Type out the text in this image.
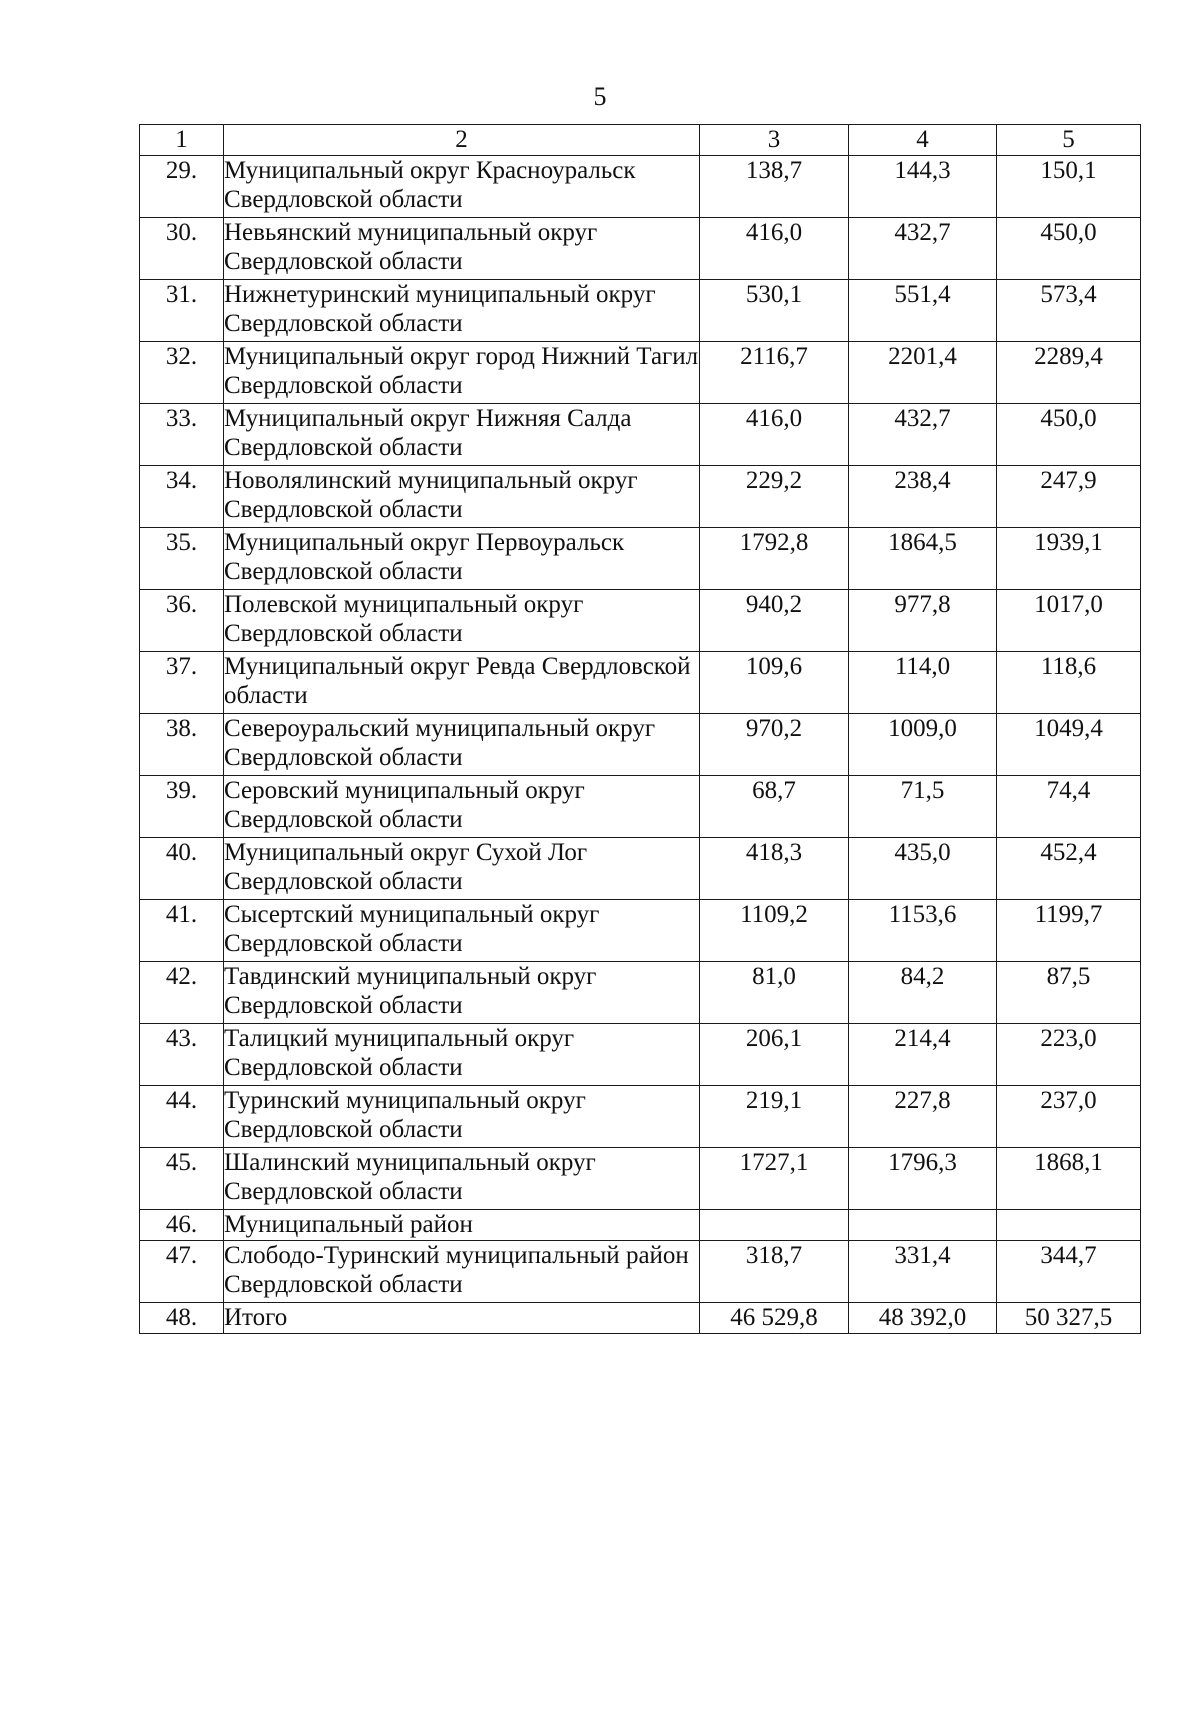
5
1	2	3	4	5
29.	Муниципальный округ Красноуральск Свердловской области	138,7	144,3	150,1
30.	Невьянский муниципальный округ Свердловской области	416,0	432,7	450,0
31.	Нижнетуринский муниципальный округ Свердловской области	530,1	551,4	573,4
32.	Муниципальный округ город Нижний Тагил Свердловской области	2116,7	2201,4	2289,4
33.	Муниципальный округ Нижняя Салда Свердловской области	416,0	432,7	450,0
34.	Новолялинский муниципальный округ Свердловской области	229,2	238,4	247,9
35.	Муниципальный округ Первоуральск Свердловской области	1792,8	1864,5	1939,1
36.	Полевской муниципальный округ Свердловской области	940,2	977,8	1017,0
37.	Муниципальный округ Ревда Свердловской области	109,6	114,0	118,6
38.	Североуральский муниципальный округ Свердловской области	970,2	1009,0	1049,4
39.	Серовский муниципальный округ Свердловской области	68,7	71,5	74,4
40.	Муниципальный округ Сухой Лог Свердловской области	418,3	435,0	452,4
41.	Сысертский муниципальный округ Свердловской области	1109,2	1153,6	1199,7
42.	Тавдинский муниципальный округ Свердловской области	81,0	84,2	87,5
43.	Талицкий муниципальный округ Свердловской области	206,1	214,4	223,0
44.	Туринский муниципальный округ Свердловской области	219,1	227,8	237,0
45.	Шалинский муниципальный округ Свердловской области	1727,1	1796,3	1868,1
46.	Муниципальный район			
47.	Слободо-Туринский муниципальный район Свердловской области	318,7	331,4	344,7
48.	Итого	46 529,8	48 392,0	50 327,5
